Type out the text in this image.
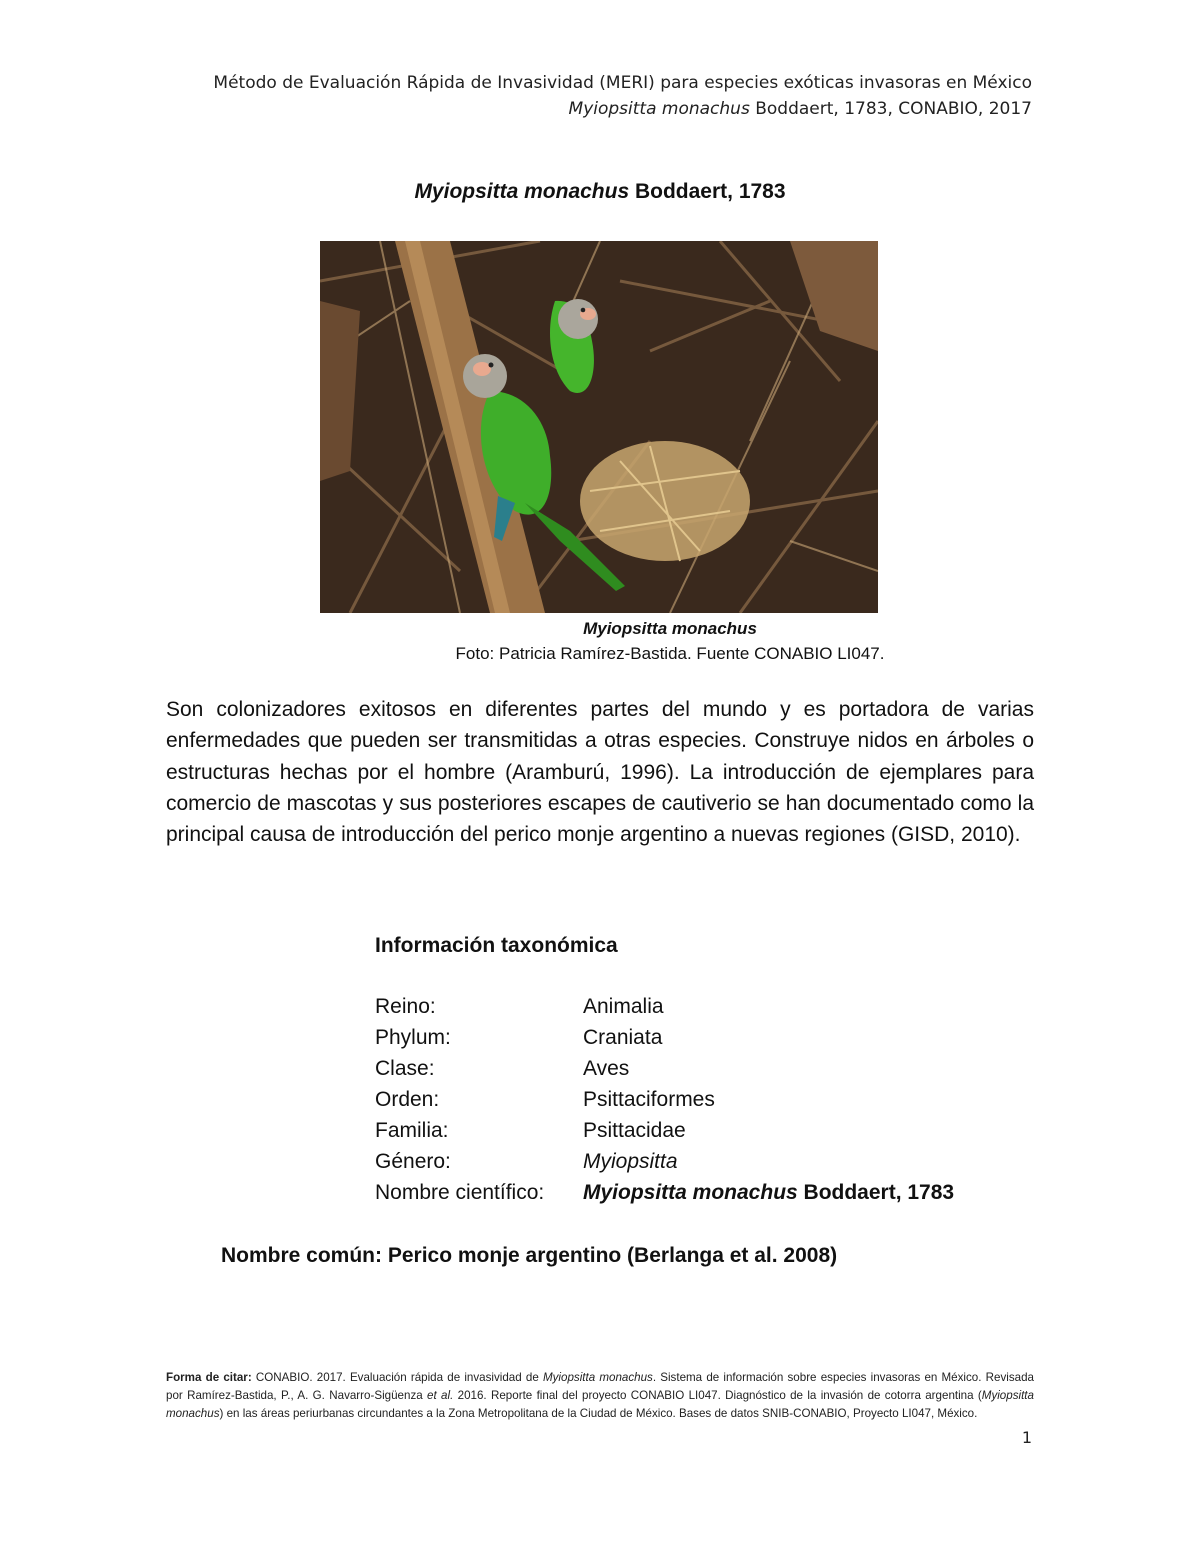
Método de Evaluación Rápida de Invasividad (MERI) para especies exóticas invasoras en México
Myiopsitta monachus Boddaert, 1783, CONABIO, 2017
Myiopsitta monachus Boddaert, 1783
Myiopsitta monachus
Foto: Patricia Ramírez-Bastida. Fuente CONABIO LI047.
Son colonizadores exitosos en diferentes partes del mundo y es portadora de varias enfermedades que pueden ser transmitidas a otras especies. Construye nidos en árboles o estructuras hechas por el hombre (Aramburú, 1996). La introducción de ejemplares para comercio de mascotas y sus posteriores escapes de cautiverio se han documentado como la principal causa de introducción del perico monje argentino a nuevas regiones (GISD, 2010).
Información taxonómica
Reino:	Animalia
Phylum:	Craniata
Clase:	Aves
Orden:	Psittaciformes
Familia:	Psittacidae
Género:	Myiopsitta
Nombre científico: Myiopsitta monachus Boddaert, 1783
Nombre común: Perico monje argentino (Berlanga et al. 2008)
Forma de citar: CONABIO. 2017. Evaluación rápida de invasividad de Myiopsitta monachus. Sistema de información sobre especies invasoras en México. Revisada por Ramírez-Bastida, P., A. G. Navarro-Sigüenza et al. 2016. Reporte final del proyecto CONABIO LI047. Diagnóstico de la invasión de cotorra argentina (Myiopsitta monachus) en las áreas periurbanas circundantes a la Zona Metropolitana de la Ciudad de México. Bases de datos SNIB-CONABIO, Proyecto LI047, México.
1
